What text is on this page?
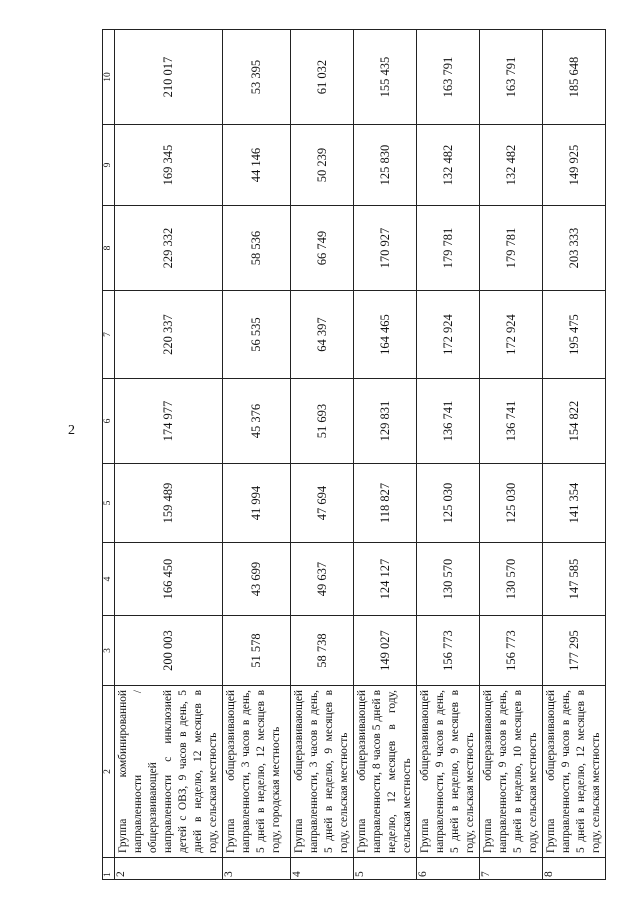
2
1	2	3	4	5	6	7	8	9	10
2	Группа комбинированной направленности / общеразвивающей направленности с инклюзией детей с ОВЗ, 9 часов в день, 5 дней в неделю, 12 месяцев в году, сельская местность	200 003	166 450	159 489	174 977	220 337	229 332	169 345	210 017
3	Группа общеразвивающей направленности, 3 часов в день, 5 дней в неделю, 12 месяцев в году, городская местность	51 578	43 699	41 994	45 376	56 535	58 536	44 146	53 395
4	Группа общеразвивающей направленности, 3 часов в день, 5 дней в неделю, 9 месяцев в году, сельская местность	58 738	49 637	47 694	51 693	64 397	66 749	50 239	61 032
5	Группа общеразвивающей направленности, 8 часов 5 дней в неделю, 12 месяцев в году, сельская местность	149 027	124 127	118 827	129 831	164 465	170 927	125 830	155 435
6	Группа общеразвивающей направленности, 9 часов в день, 5 дней в неделю, 9 месяцев в году, сельская местность	156 773	130 570	125 030	136 741	172 924	179 781	132 482	163 791
7	Группа общеразвивающей направленности, 9 часов в день, 5 дней в неделю, 10 месяцев в году, сельская местность	156 773	130 570	125 030	136 741	172 924	179 781	132 482	163 791
8	Группа общеразвивающей направленности, 9 часов в день, 5 дней в неделю, 12 месяцев в году, сельская местность	177 295	147 585	141 354	154 822	195 475	203 333	149 925	185 648
